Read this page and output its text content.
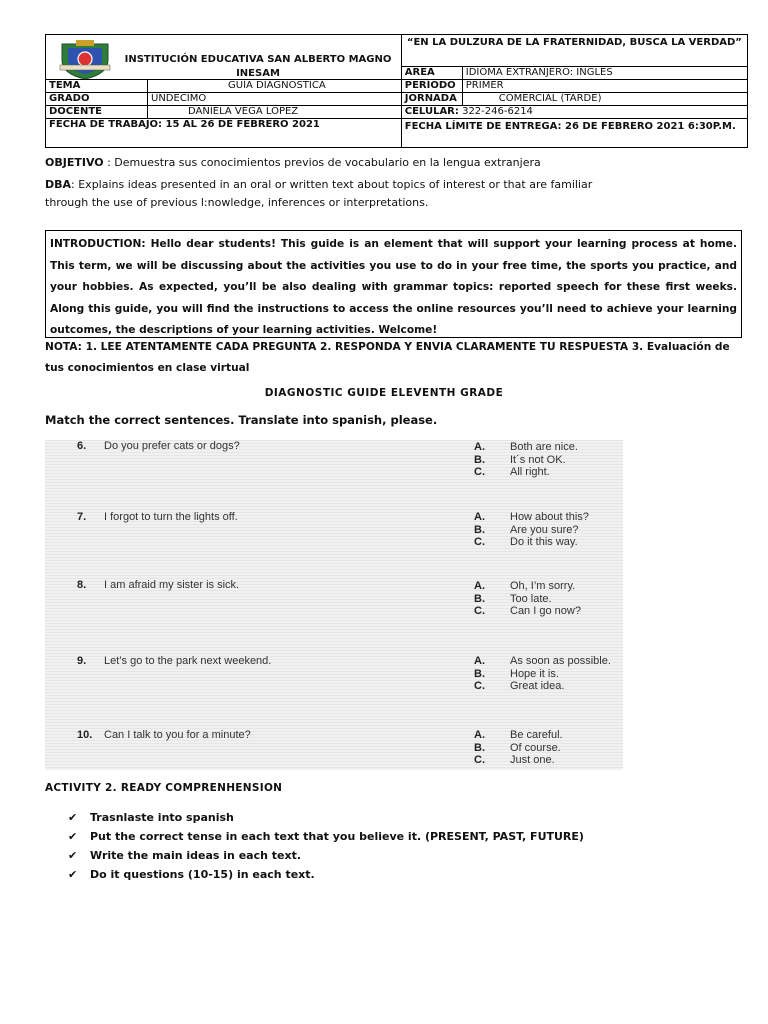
INSTITUCIÓN EDUCATIVA SAN ALBERTO MAGNO
INESAM		“EN LA DULZURA DE LA FRATERNIDAD, BUSCA LA VERDAD”	
		AREA	IDIOMA EXTRANJERO: INGLÉS
TEMA	GUÍA DIAGNOSTICA	PERÍODO	PRIMER
GRADO	UNDECIMO	JORNADA	COMERCIAL (TARDE)
DOCENTE	DANIELA VEGA LÓPEZ	CELULAR: 322-246-6214	
FECHA DE TRABAJO: 15 AL 26 DE FEBRERO 2021		FECHA LÍMITE DE ENTREGA: 26 DE FEBRERO 2021 6:30P.M.	
OBJETIVO : Demuestra sus conocimientos previos de vocabulario en la lengua extranjera
DBA: Explains ideas presented in an oral or written text about topics of interest or that are familiar through the use of previous l:nowledge, inferences or interpretations.
INTRODUCTION: Hello dear students! This guide is an element that will support your learning process at home. This term, we will be discussing about the activities you use to do in your free time, the sports you practice, and your hobbies. As expected, you’ll be also dealing with grammar topics: reported speech for these first weeks. Along this guide, you will find the instructions to access the online resources you’ll need to achieve your learning outcomes, the descriptions of your learning activities. Welcome!
NOTA: 1. LEE ATENTAMENTE CADA PREGUNTA 2. RESPONDA Y ENVIA CLARAMENTE TU RESPUESTA 3. Evaluación de tus conocimientos en clase virtual
DIAGNOSTIC GUIDE ELEVENTH GRADE
Match the correct sentences. Translate into spanish, please.
6. Do you prefer cats or dogs?	A. Both are nice.
B. It´s not OK.
C. All right.
7. I forgot to turn the lights off.	A. How about this?
B. Are you sure?
C. Do it this way.
8. I am afraid my sister is sick.	A. Oh, I’m sorry.
B. Too late.
C. Can I go now?
9. Let’s go to the park next weekend.	A. As soon as possible.
B. Hope it is.
C. Great idea.
10. Can I talk to you for a minute?	A. Be careful.
B. Of course.
C. Just one.
ACTIVITY 2. READY COMPRENHENSION
✔ Trasnlaste into spanish
✔ Put the correct tense in each text that you believe it. (PRESENT, PAST, FUTURE)
✔ Write the main ideas in each text.
✔ Do it questions (10-15) in each text.
